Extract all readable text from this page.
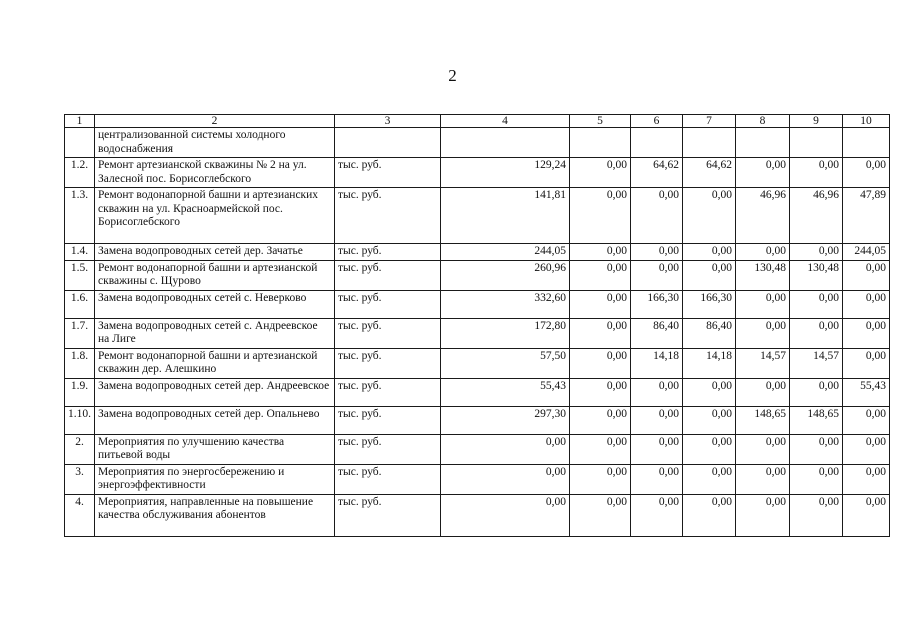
2
1	2	3	4	5	6	7	8	9	10
	централизованной системы холодного водоснабжения								
1.2.	Ремонт артезианской скважины № 2 на ул. Залесной пос. Борисоглебского	тыс. руб.	129,24	0,00	64,62	64,62	0,00	0,00	0,00
1.3.	Ремонт водонапорной башни и артезианских скважин на ул. Красноармейской пос. Борисоглебского	тыс. руб.	141,81	0,00	0,00	0,00	46,96	46,96	47,89
1.4.	Замена водопроводных сетей дер. Зачатье	тыс. руб.	244,05	0,00	0,00	0,00	0,00	0,00	244,05
1.5.	Ремонт водонапорной башни и артезианской скважины с. Щурово	тыс. руб.	260,96	0,00	0,00	0,00	130,48	130,48	0,00
1.6.	Замена водопроводных сетей с. Неверково	тыс. руб.	332,60	0,00	166,30	166,30	0,00	0,00	0,00
1.7.	Замена водопроводных сетей с. Андреевское на Лиге	тыс. руб.	172,80	0,00	86,40	86,40	0,00	0,00	0,00
1.8.	Ремонт водонапорной башни и артезианской скважин дер. Алешкино	тыс. руб.	57,50	0,00	14,18	14,18	14,57	14,57	0,00
1.9.	Замена водопроводных сетей дер. Андреевское	тыс. руб.	55,43	0,00	0,00	0,00	0,00	0,00	55,43
1.10.	Замена водопроводных сетей дер. Опальнево	тыс. руб.	297,30	0,00	0,00	0,00	148,65	148,65	0,00
2.	Мероприятия по улучшению качества питьевой воды	тыс. руб.	0,00	0,00	0,00	0,00	0,00	0,00	0,00
3.	Мероприятия по энергосбережению и энергоэффективности	тыс. руб.	0,00	0,00	0,00	0,00	0,00	0,00	0,00
4.	Мероприятия, направленные на повышение качества обслуживания абонентов	тыс. руб.	0,00	0,00	0,00	0,00	0,00	0,00	0,00
